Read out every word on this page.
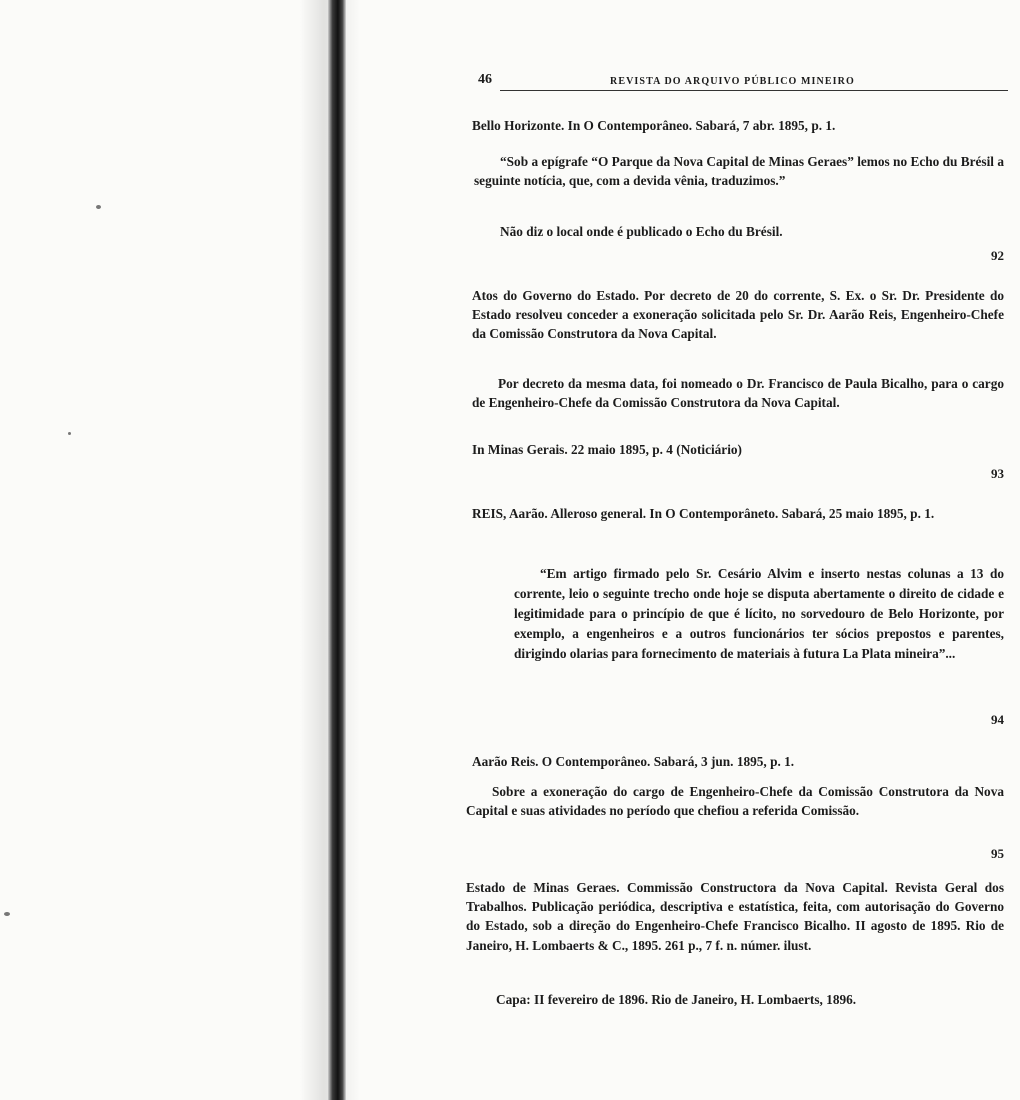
46	REVISTA DO ARQUIVO PÚBLICO MINEIRO
Bello Horizonte. In O Contemporâneo. Sabará, 7 abr. 1895, p. 1.
“Sob a epígrafe “O Parque da Nova Capital de Minas Geraes” lemos no Echo du Brésil a seguinte notícia, que, com a devida vênia, traduzimos.”
Não diz o local onde é publicado o Echo du Brésil.
92
Atos do Governo do Estado. Por decreto de 20 do corrente, S. Ex. o Sr. Dr. Presidente do Estado resolveu conceder a exoneração solicitada pelo Sr. Dr. Aarão Reis, Engenheiro-Chefe da Comissão Construtora da Nova Capital.
Por decreto da mesma data, foi nomeado o Dr. Francisco de Paula Bicalho, para o cargo de Engenheiro-Chefe da Comissão Construtora da Nova Capital.
In Minas Gerais. 22 maio 1895, p. 4 (Noticiário)
93
REIS, Aarão. Alleroso general. In O Contemporâneto. Sabará, 25 maio 1895, p. 1.
“Em artigo firmado pelo Sr. Cesário Alvim e inserto nestas colunas a 13 do corrente, leio o seguinte trecho onde hoje se disputa abertamente o direito de cidade e legitimidade para o princípio de que é lícito, no sorvedouro de Belo Horizonte, por exemplo, a engenheiros e a outros funcionários ter sócios prepostos e parentes, dirigindo olarias para fornecimento de materiais à futura La Plata mineira”...
94
Aarão Reis. O Contemporâneo. Sabará, 3 jun. 1895, p. 1.
Sobre a exoneração do cargo de Engenheiro-Chefe da Comissão Construtora da Nova Capital e suas atividades no período que chefiou a referida Comissão.
95
Estado de Minas Geraes. Commissão Constructora da Nova Capital. Revista Geral dos Trabalhos. Publicação periódica, descriptiva e estatística, feita, com autorisação do Governo do Estado, sob a direção do Engenheiro-Chefe Francisco Bicalho. II agosto de 1895. Rio de Janeiro, H. Lombaerts & C., 1895. 261 p., 7 f. n. númer. ilust.
Capa: II fevereiro de 1896. Rio de Janeiro, H. Lombaerts, 1896.
